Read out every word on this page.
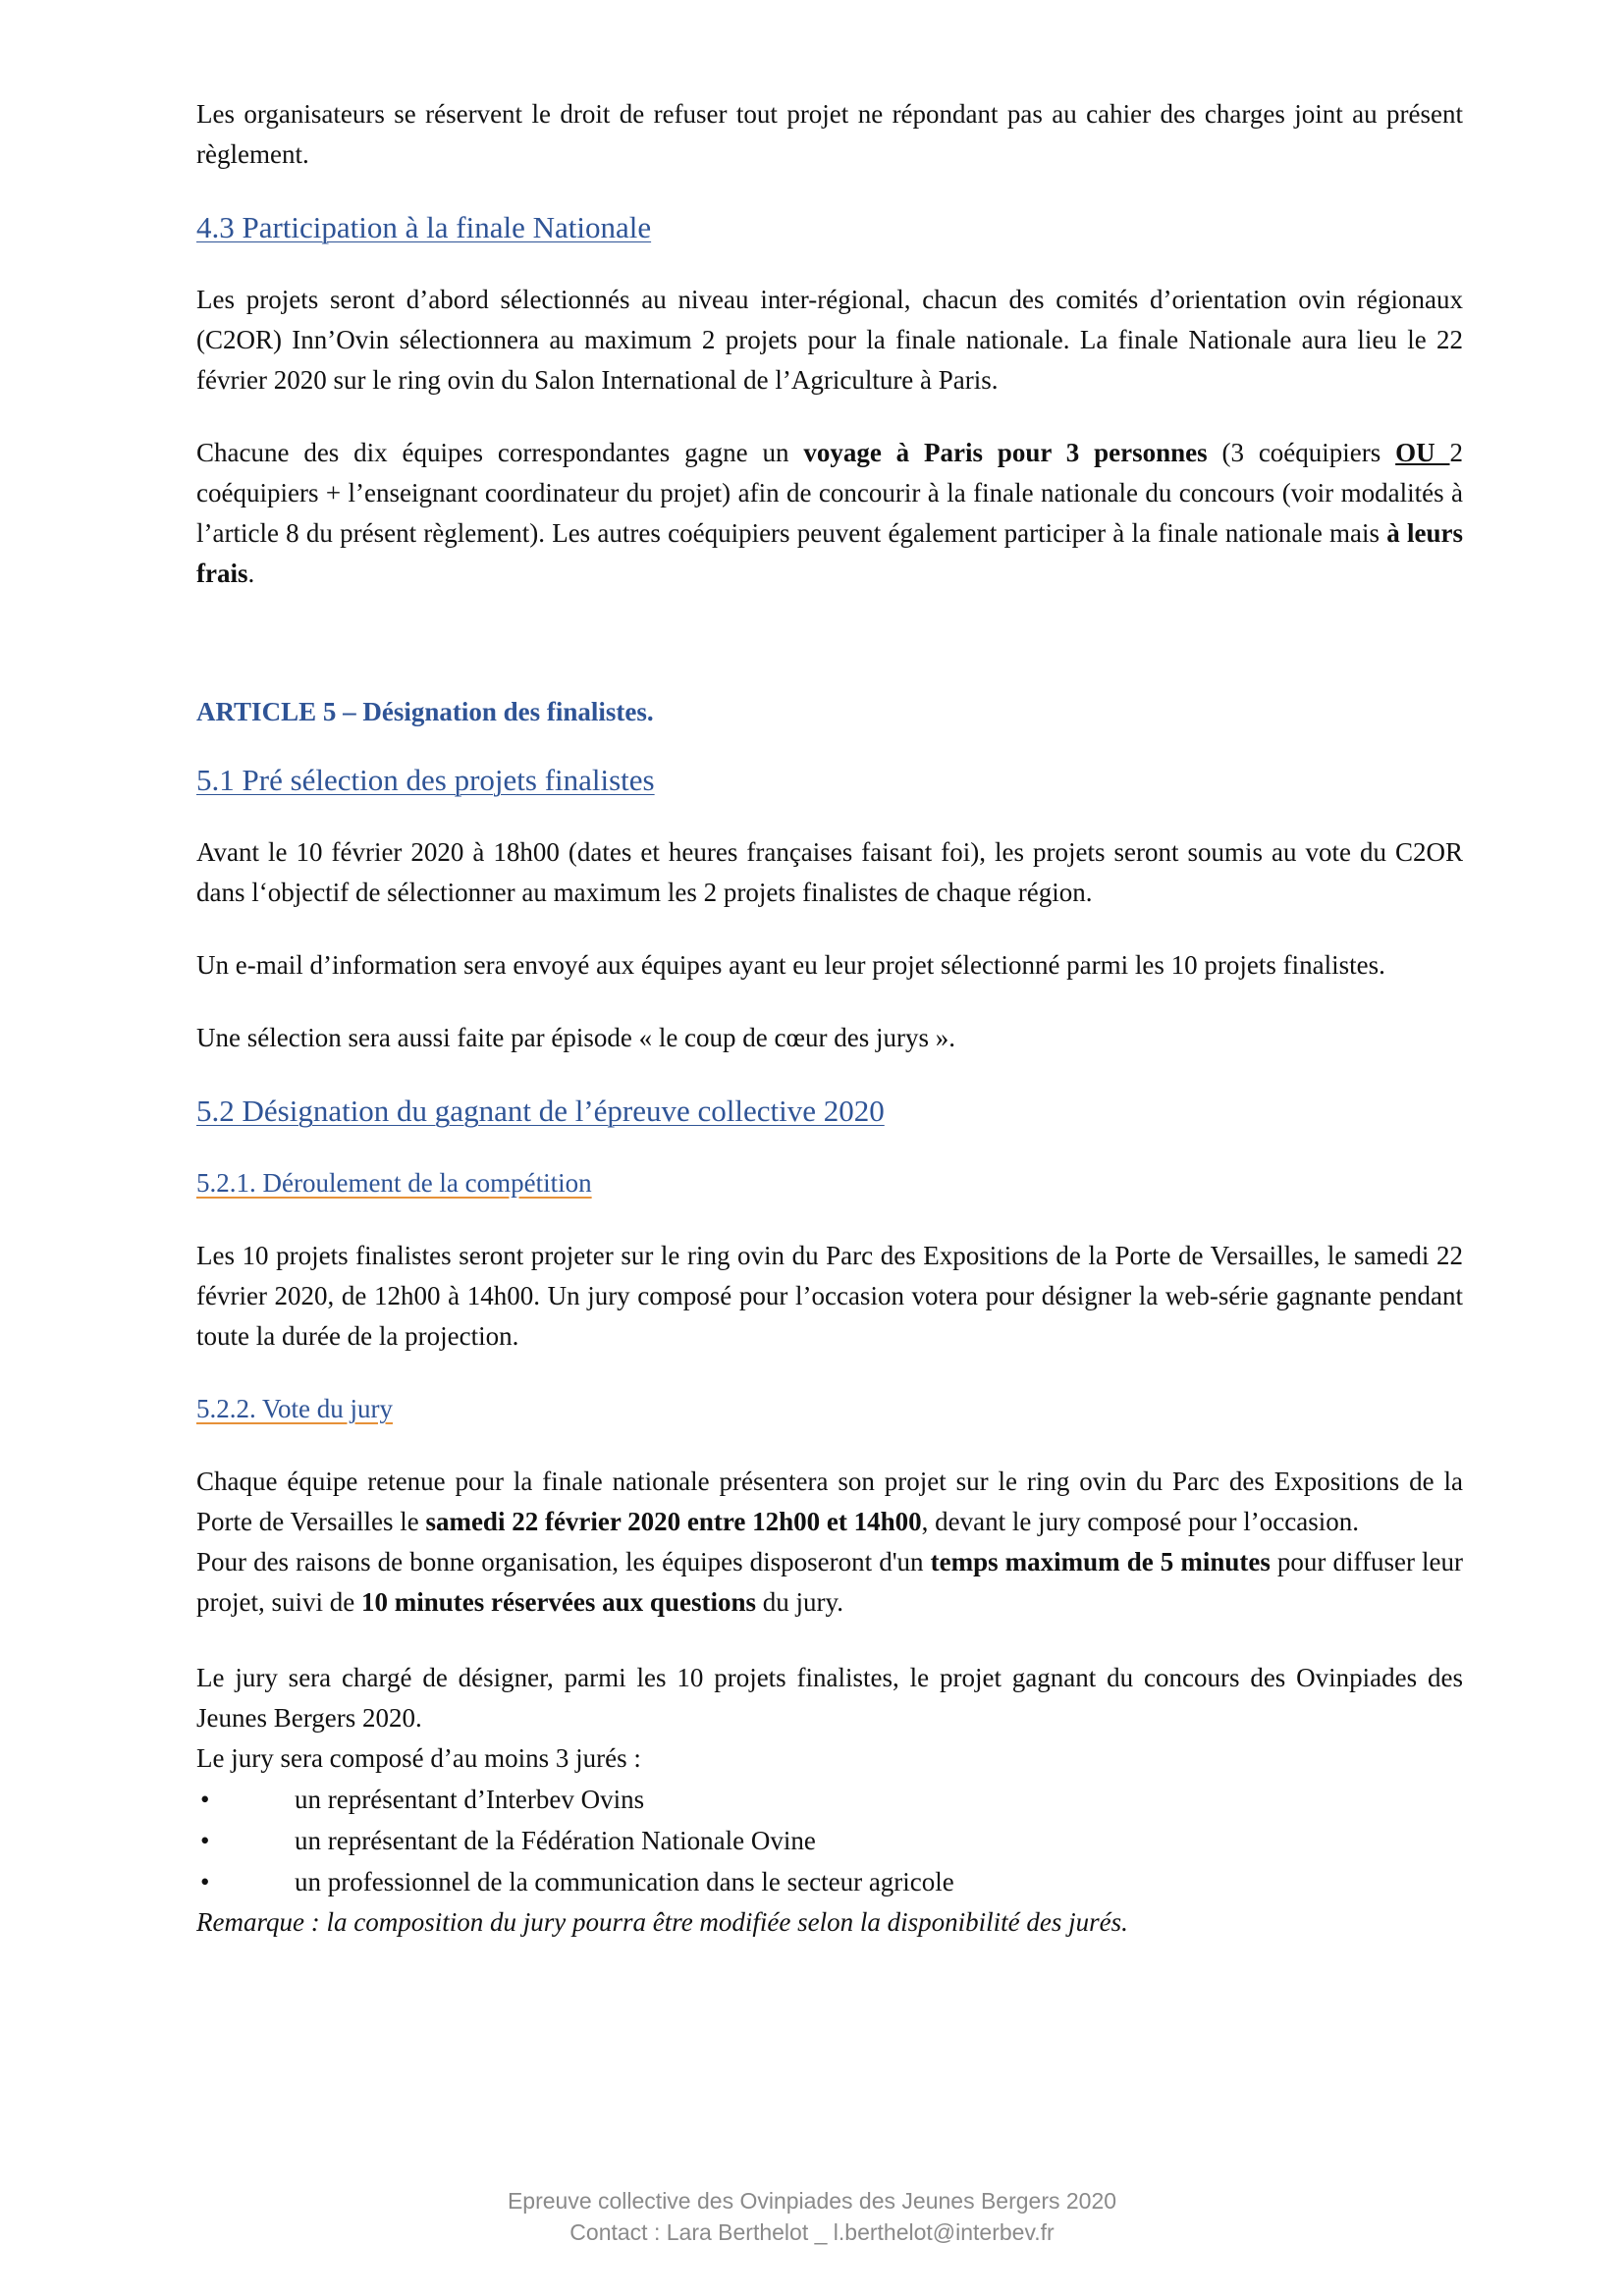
Les organisateurs se réservent le droit de refuser tout projet ne répondant pas au cahier des charges joint au présent règlement.

4.3 Participation à la finale Nationale

Les projets seront d’abord sélectionnés au niveau inter-régional, chacun des comités d’orientation ovin régionaux (C2OR) Inn’Ovin sélectionnera au maximum 2 projets pour la finale nationale. La finale Nationale aura lieu le 22 février 2020 sur le ring ovin du Salon International de l’Agriculture à Paris.

Chacune des dix équipes correspondantes gagne un voyage à Paris pour 3 personnes (3 coéquipiers OU 2 coéquipiers + l’enseignant coordinateur du projet) afin de concourir à la finale nationale du concours (voir modalités à l’article 8 du présent règlement). Les autres coéquipiers peuvent également participer à la finale nationale mais à leurs frais.

ARTICLE 5 – Désignation des finalistes.
5.1 Pré sélection des projets finalistes

Avant le 10 février 2020 à 18h00 (dates et heures françaises faisant foi), les projets seront soumis au vote du C2OR dans l‘objectif de sélectionner au maximum les 2 projets finalistes de chaque région.

Un e-mail d’information sera envoyé aux équipes ayant eu leur projet sélectionné parmi les 10 projets finalistes.

Une sélection sera aussi faite par épisode « le coup de cœur des jurys ».

5.2 Désignation du gagnant de l’épreuve collective 2020
5.2.1. Déroulement de la compétition

Les 10 projets finalistes seront projeter sur le ring ovin du Parc des Expositions de la Porte de Versailles, le samedi 22 février 2020, de 12h00 à 14h00. Un jury composé pour l’occasion votera pour désigner la web-série gagnante pendant toute la durée de la projection.

5.2.2. Vote du jury

Chaque équipe retenue pour la finale nationale présentera son projet sur le ring ovin du Parc des Expositions de la Porte de Versailles le samedi 22 février 2020 entre 12h00 et 14h00, devant le jury composé pour l’occasion.

Pour des raisons de bonne organisation, les équipes disposeront d'un temps maximum de 5 minutes pour diffuser leur projet, suivi de 10 minutes réservées aux questions du jury.

Le jury sera chargé de désigner, parmi les 10 projets finalistes, le projet gagnant du concours des Ovinpiades des Jeunes Bergers 2020.

Le jury sera composé d’au moins 3 jurés :

• un représentant d’Interbev Ovins
• un représentant de la Fédération Nationale Ovine
• un professionnel de la communication dans le secteur agricole
Remarque : la composition du jury pourra être modifiée selon la disponibilité des jurés.
Epreuve collective des Ovinpiades des Jeunes Bergers 2020
Contact : Lara Berthelot _ l.berthelot@interbev.fr
